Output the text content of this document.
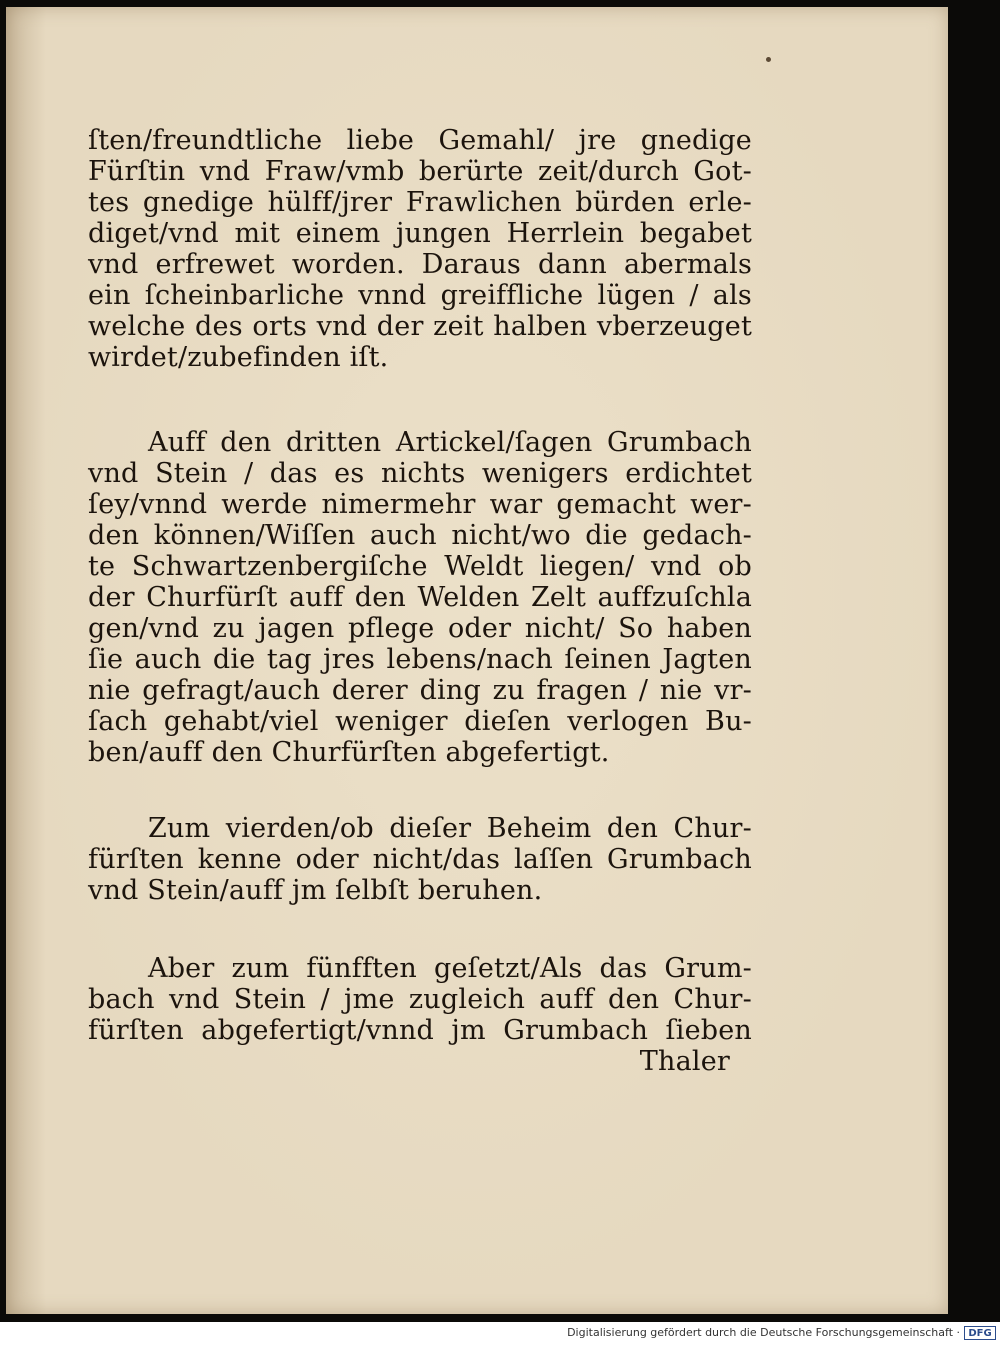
ſten/freundtliche liebe Gemahl/ jre gnedige
Fürſtin vnd Fraw/vmb berürte zeit/durch Got-
tes gnedige hülff/jrer Frawlichen bürden erle-
diget/vnd mit einem jungen Herrlein begabet
vnd erfrewet worden. Daraus dann abermals
ein ſcheinbarliche vnnd greiffliche lügen / als
welche des orts vnd der zeit halben vberzeuget
wirdet/zubefinden iſt.
Auff den dritten Artickel/ſagen Grumbach
vnd Stein / das es nichts wenigers erdichtet
ſey/vnnd werde nimermehr war gemacht wer-
den können/Wiſſen auch nicht/wo die gedach-
te Schwartzenbergiſche Weldt liegen/ vnd ob
der Churfürſt auff den Welden Zelt auffzuſchla
gen/vnd zu jagen pflege oder nicht/ So haben
ſie auch die tag jres lebens/nach ſeinen Jagten
nie gefragt/auch derer ding zu fragen / nie vr-
ſach gehabt/viel weniger dieſen verlogen Bu-
ben/auff den Churfürſten abgefertigt.
Zum vierden/ob dieſer Beheim den Chur-
fürſten kenne oder nicht/das laſſen Grumbach
vnd Stein/auff jm ſelbſt beruhen.
Aber zum fünfften geſetzt/Als das Grum-
bach vnd Stein / jme zugleich auff den Chur-
fürſten abgefertigt/vnnd jm Grumbach ſieben
Thaler
Digitalisierung gefördert durch die Deutsche Forschungsgemeinschaft · DFG
